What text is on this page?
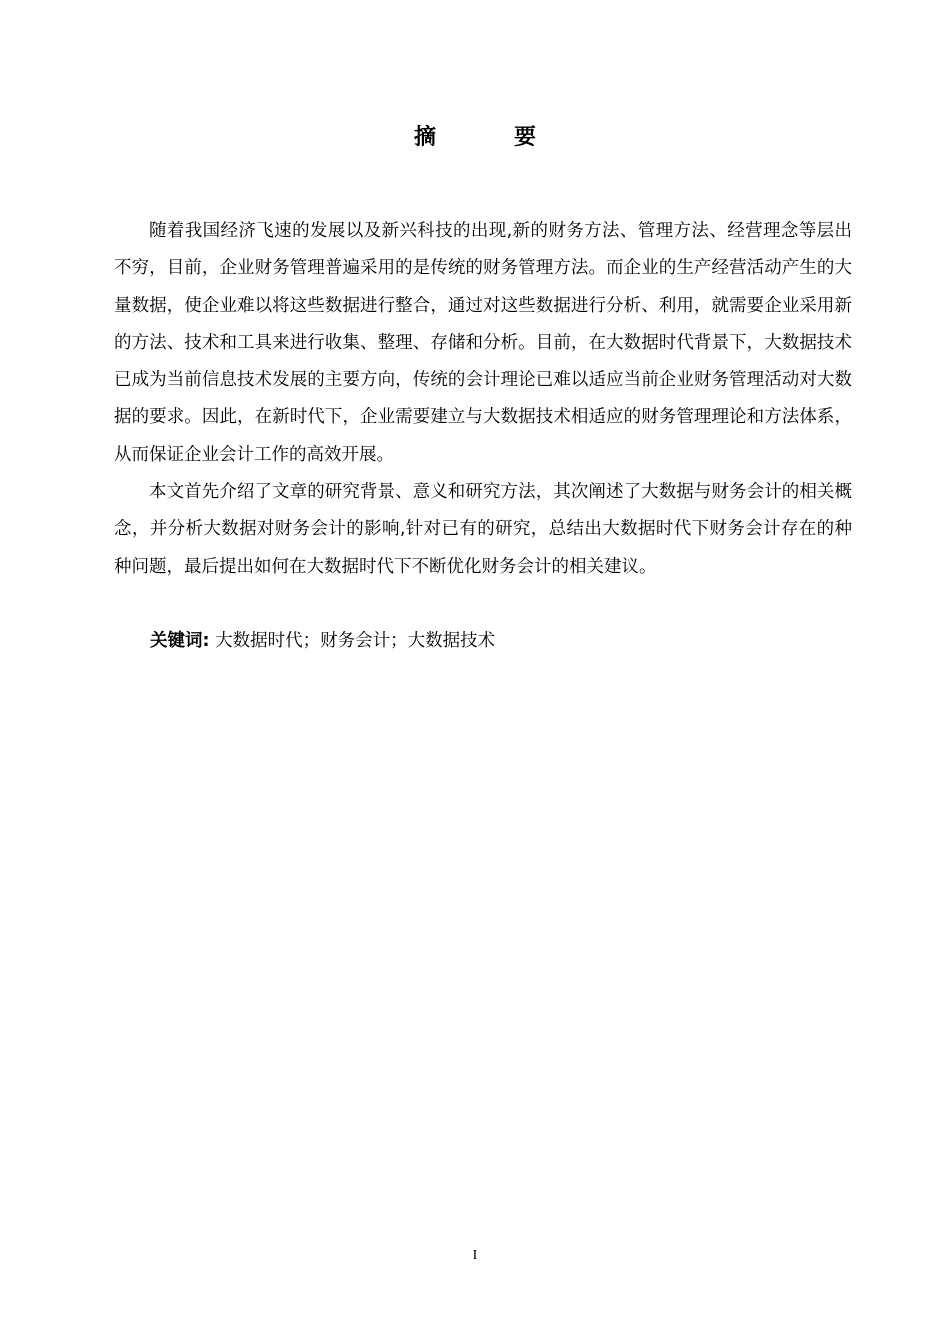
摘　要

随着我国经济飞速的发展以及新兴科技的出现,新的财务方法、管理方法、经营理念等层出不穷，目前，企业财务管理普遍采用的是传统的财务管理方法。而企业的生产经营活动产生的大量数据，使企业难以将这些数据进行整合，通过对这些数据进行分析、利用，就需要企业采用新的方法、技术和工具来进行收集、整理、存储和分析。目前，在大数据时代背景下，大数据技术已成为当前信息技术发展的主要方向，传统的会计理论已难以适应当前企业财务管理活动对大数据的要求。因此，在新时代下，企业需要建立与大数据技术相适应的财务管理理论和方法体系，从而保证企业会计工作的高效开展。

本文首先介绍了文章的研究背景、意义和研究方法，其次阐述了大数据与财务会计的相关概念，并分析大数据对财务会计的影响,针对已有的研究，总结出大数据时代下财务会计存在的种种问题，最后提出如何在大数据时代下不断优化财务会计的相关建议。

关键词: 大数据时代；财务会计；大数据技术
I
